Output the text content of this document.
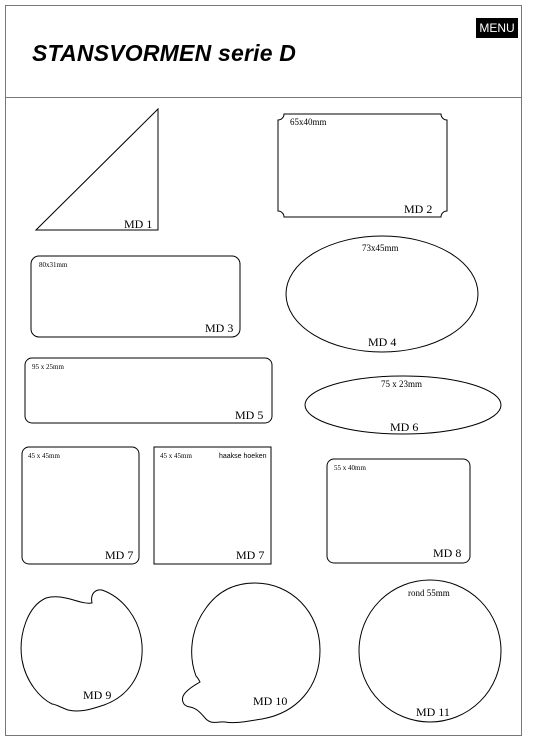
MENU
STANSVORMEN serie D
MD 1
65x40mm
MD 2
80x31mm
MD 3
73x45mm
MD 4
95 x 25mm
MD 5
75 x 23mm
MD 6
45 x 45mm
MD 7
45 x 45mm	haakse hoeken
MD 7
55 x 40mm
MD 8
MD 9	MD 10
rond 55mm
MD 11
